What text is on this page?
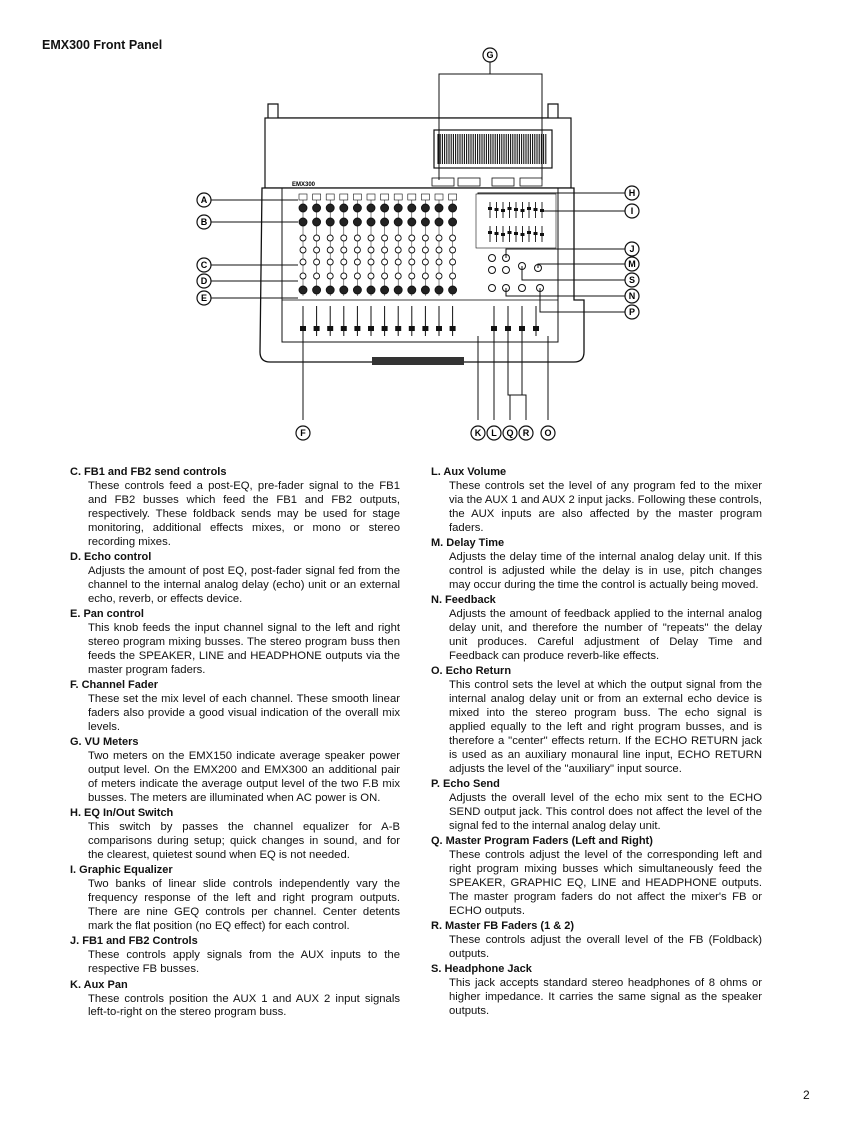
EMX300 Front Panel
EMX300
A
B
C
D
E
H
I
J
M
S
N
P
G
F	K L Q R O
C. FB1 and FB2 send controls
These controls feed a post-EQ, pre-fader signal to the FB1 and FB2 busses which feed the FB1 and FB2 outputs, respectively. These foldback sends may be used for stage monitoring, additional effects mixes, or mono or stereo recording mixes.
D. Echo control
Adjusts the amount of post EQ, post-fader signal fed from the channel to the internal analog delay (echo) unit or an external echo, reverb, or effects device.
E. Pan control
This knob feeds the input channel signal to the left and right stereo program mixing busses. The stereo program buss then feeds the SPEAKER, LINE and HEADPHONE outputs via the master program faders.
F. Channel Fader
These set the mix level of each channel. These smooth linear faders also provide a good visual indication of the overall mix levels.
G. VU Meters
Two meters on the EMX150 indicate average speaker power output level. On the EMX200 and EMX300 an additional pair of meters indicate the average output level of the two F.B mix busses. The meters are illuminated when AC power is ON.
H. EQ In/Out Switch
This switch by passes the channel equalizer for A-B comparisons during setup; quick changes in sound, and for the clearest, quietest sound when EQ is not needed.
I. Graphic Equalizer
Two banks of linear slide controls independently vary the frequency response of the left and right program outputs. There are nine GEQ controls per channel. Center detents mark the flat position (no EQ effect) for each control.
J. FB1 and FB2 Controls
These controls apply signals from the AUX inputs to the respective FB busses.
K. Aux Pan
These controls position the AUX 1 and AUX 2 input signals left-to-right on the stereo program buss.
L. Aux Volume
These controls set the level of any program fed to the mixer via the AUX 1 and AUX 2 input jacks. Following these controls, the AUX inputs are also affected by the master program faders.
M. Delay Time
Adjusts the delay time of the internal analog delay unit. If this control is adjusted while the delay is in use, pitch changes may occur during the time the control is actually being moved.
N. Feedback
Adjusts the amount of feedback applied to the internal analog delay unit, and therefore the number of "repeats" the delay unit produces. Careful adjustment of Delay Time and Feedback can produce reverb-like effects.
O. Echo Return
This control sets the level at which the output signal from the internal analog delay unit or from an external echo device is mixed into the stereo program buss. The echo signal is applied equally to the left and right program busses, and is therefore a "center" effects return. If the ECHO RETURN jack is used as an auxiliary monaural line input, ECHO RETURN adjusts the level of the "auxiliary" input source.
P. Echo Send
Adjusts the overall level of the echo mix sent to the ECHO SEND output jack. This control does not affect the level of the signal fed to the internal analog delay unit.
Q. Master Program Faders (Left and Right)
These controls adjust the level of the corresponding left and right program mixing busses which simultaneously feed the SPEAKER, GRAPHIC EQ, LINE and HEADPHONE outputs. The master program faders do not affect the mixer's FB or ECHO outputs.
R. Master FB Faders (1 & 2)
These controls adjust the overall level of the FB (Foldback) outputs.
S. Headphone Jack
This jack accepts standard stereo headphones of 8 ohms or higher impedance. It carries the same signal as the speaker outputs.
2
